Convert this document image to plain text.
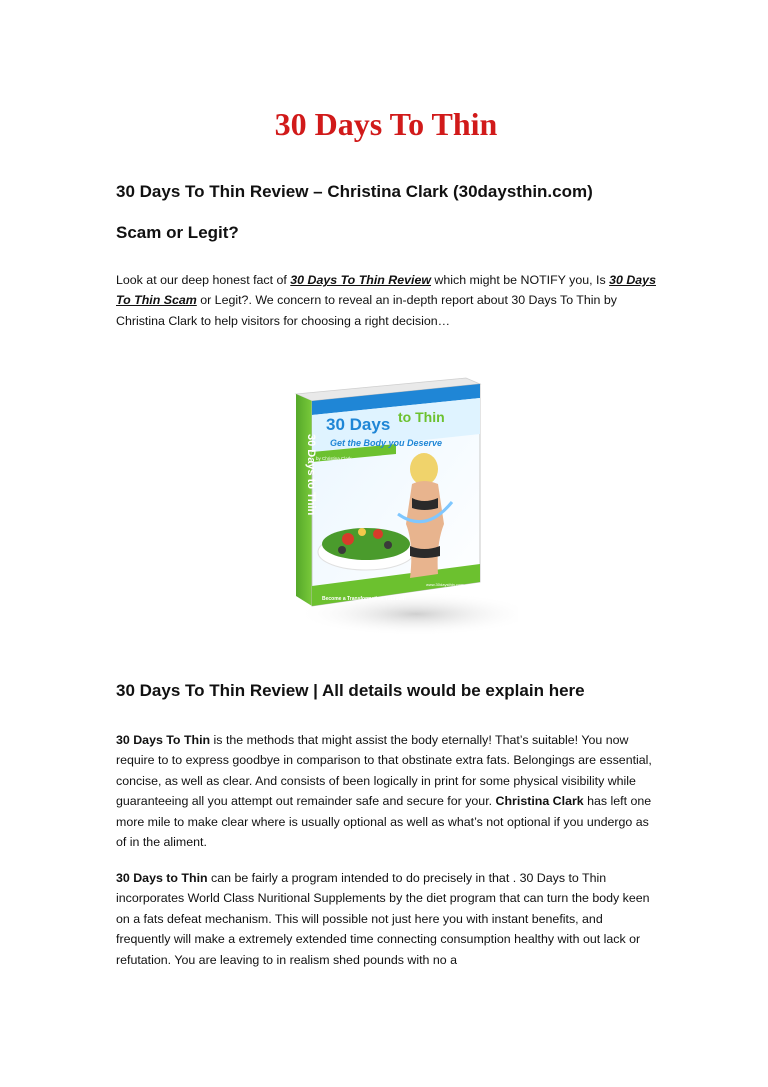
30 Days To Thin
30 Days To Thin Review – Christina Clark (30daysthin.com)
Scam or Legit?

Look at our deep honest fact of 30 Days To Thin Review which might be NOTIFY you, Is 30 Days To Thin Scam or Legit?. We concern to reveal an in-depth report about 30 Days To Thin by Christina Clark to help visitors for choosing a right decision…

30 Days to Thin
Get the Body you Deserve
by Christina Clark
Become a Transformation Yourself!
www.30daysthin.com
30 Days to Thin
30 Days To Thin Review | All details would be explain here

30 Days To Thin is the methods that might assist the body eternally! That’s suitable! You now require to to express goodbye in comparison to that obstinate extra fats. Belongings are essential, concise, as well as clear. And consists of been logically in print for some physical visibility while guaranteeing all you attempt out remainder safe and secure for your. Christina Clark has left one more mile to make clear where is usually optional as well as what’s not optional if you undergo as of in the aliment.

30 Days to Thin can be fairly a program intended to do precisely in that . 30 Days to Thin incorporates World Class Nuritional Supplements by the diet program that can turn the body keen on a fats defeat mechanism. This will possible not just here you with instant benefits, and frequently will make a extremely extended time connecting consumption healthy with out lack or refutation. You are leaving to in realism shed pounds with no a
